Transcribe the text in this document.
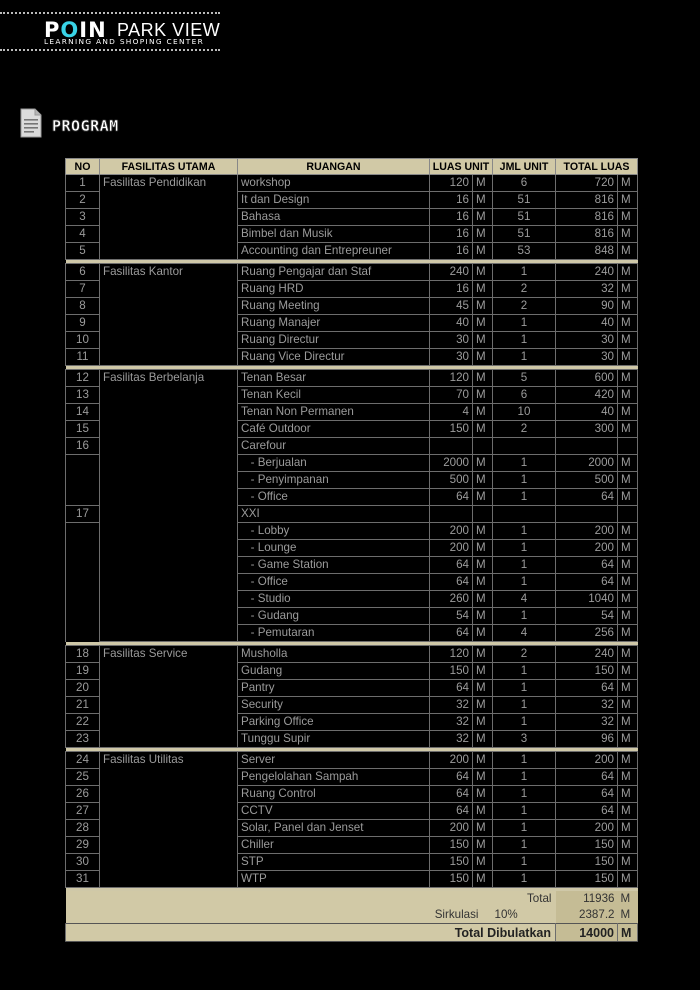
POIN PARK VIEW
LEARNING AND SHOPING CENTER
PROGRAM
NO	FASILITAS UTAMA	RUANGAN	LUAS UNIT		JML UNIT	TOTAL LUAS	
1	Fasilitas Pendidikan	workshop	120	M	6	720	M
2		It dan Design	16	M	51	816	M
3		Bahasa	16	M	51	816	M
4		Bimbel dan Musik	16	M	51	816	M
5		Accounting dan Entrepreuner	16	M	53	848	M

6	Fasilitas Kantor	Ruang Pengajar dan Staf	240	M	1	240	M
7		Ruang HRD	16	M	2	32	M
8		Ruang Meeting	45	M	2	90	M
9		Ruang Manajer	40	M	1	40	M
10		Ruang Directur	30	M	1	30	M
11		Ruang Vice Directur	30	M	1	30	M

12	Fasilitas Berbelanja	Tenan Besar	120	M	5	600	M
13		Tenan Kecil	70	M	6	420	M
14		Tenan Non Permanen	4	M	10	40	M
15		Café Outdoor	150	M	2	300	M
16		Carefour					
		- Berjualan	2000	M	1	2000	M
		- Penyimpanan	500	M	1	500	M
		- Office	64	M	1	64	M
17		XXI					
		- Lobby	200	M	1	200	M
		- Lounge	200	M	1	200	M
		- Game Station	64	M	1	64	M
		- Office	64	M	1	64	M
		- Studio	260	M	4	1040	M
		- Gudang	54	M	1	54	M
		- Pemutaran	64	M	4	256	M

18	Fasilitas Service	Musholla	120	M	2	240	M
19		Gudang	150	M	1	150	M
20		Pantry	64	M	1	64	M
21		Security	32	M	1	32	M
22		Parking Office	32	M	1	32	M
23		Tunggu Supir	32	M	3	96	M

24	Fasilitas Utilitas	Server	200	M	1	200	M
25		Pengelolahan Sampah	64	M	1	64	M
26		Ruang Control	64	M	1	64	M
27		CCTV	64	M	1	64	M
28		Solar, Panel dan Jenset	200	M	1	200	M
29		Chiller	150	M	1	150	M
30		STP	150	M	1	150	M
31		WTP	150	M	1	150	M

Total						11936	M
Sirkulasi					10%	2387.2	M
Total Dibulatkan						14000	M
